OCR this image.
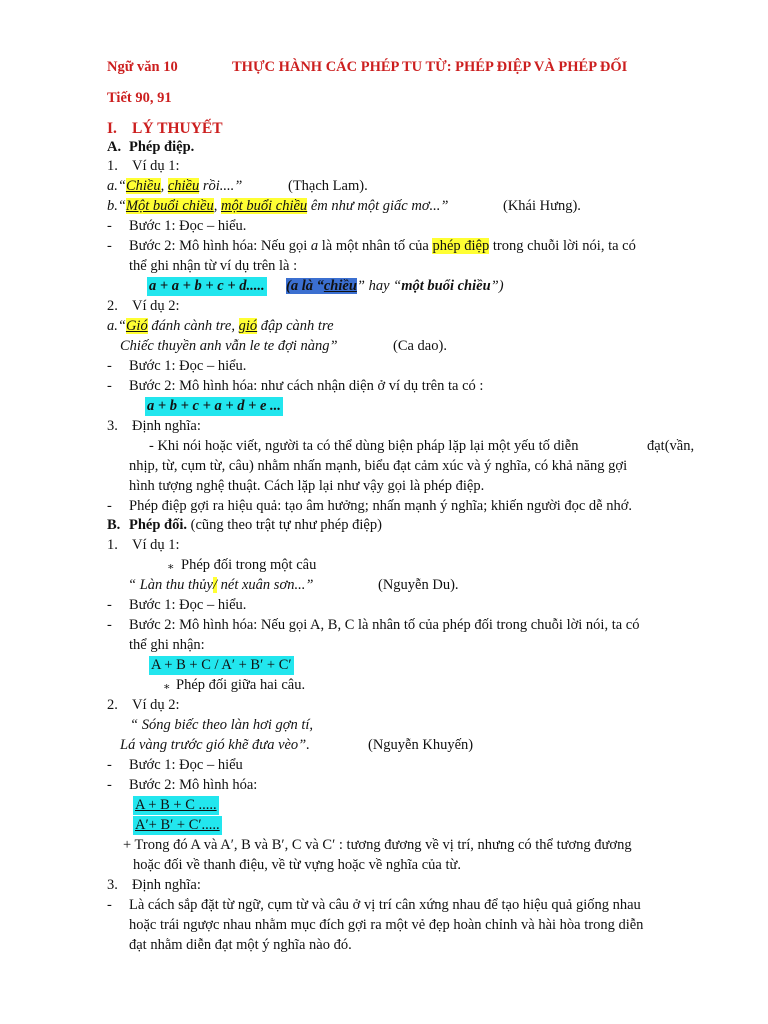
Ngữ văn 10	THỰC HÀNH CÁC PHÉP TU TỪ: PHÉP ĐIỆP VÀ PHÉP ĐỐI
Tiết 90, 91
I. LÝ THUYẾT
A. Phép điệp.
1. Ví dụ 1:
a.“Chiều, chiều rồi....”	(Thạch Lam).
b.“Một buổi chiều, một buổi chiều êm như một giấc mơ...”	(Khái Hưng).
- Bước 1: Đọc – hiểu.
- Bước 2: Mô hình hóa: Nếu gọi a là một nhân tố của phép điệp trong chuỗi lời nói, ta có
thể ghi nhận từ ví dụ trên là :
a + a + b + c + d..... (a là “chiều” hay “một buổi chiều”)
2. Ví dụ 2:
a.“Gió đánh cành tre, gió đập cành tre
Chiếc thuyền anh vẫn le te đợi nàng”	(Ca dao).
- Bước 1: Đọc – hiểu.
- Bước 2: Mô hình hóa: như cách nhận diện ở ví dụ trên ta có :
a + b + c + a + d + e ...
3. Định nghĩa:
- Khi nói hoặc viết, người ta có thể dùng biện pháp lặp lại một yếu tố diễn	đạt(vần,
nhịp, từ, cụm từ, câu) nhằm nhấn mạnh, biểu đạt cảm xúc và ý nghĩa, có khả năng gợi
hình tượng nghệ thuật. Cách lặp lại như vậy gọi là phép điệp.
- Phép điệp gợi ra hiệu quả: tạo âm hưởng; nhấn mạnh ý nghĩa; khiến người đọc dễ nhớ.
B. Phép đối. (cũng theo trật tự như phép điệp)
1. Ví dụ 1:
∗ Phép đối trong một câu
“ Làn thu thủy/ nét xuân sơn...”	(Nguyễn Du).
- Bước 1: Đọc – hiểu.
- Bước 2: Mô hình hóa: Nếu gọi A, B, C là nhân tố của phép đối trong chuỗi lời nói, ta có
thể ghi nhận:
A + B + C / A′ + B′ + C′
∗ Phép đối giữa hai câu.
2. Ví dụ 2:
“ Sóng biếc theo làn hơi gợn tí,
Lá vàng trước gió khẽ đưa vèo”.	(Nguyễn Khuyến)
- Bước 1: Đọc – hiểu
- Bước 2: Mô hình hóa:
A + B + C .....
A′+ B′ + C′.....
+ Trong đó A và A′, B và B′, C và C′ : tương đương về vị trí, nhưng có thể tương đương
hoặc đối về thanh điệu, về từ vựng hoặc về nghĩa của từ.
3. Định nghĩa:
- Là cách sắp đặt từ ngữ, cụm từ và câu ở vị trí cân xứng nhau để tạo hiệu quả giống nhau
hoặc trái ngược nhau nhằm mục đích gợi ra một vẻ đẹp hoàn chỉnh và hài hòa trong diễn
đạt nhằm diễn đạt một ý nghĩa nào đó.
